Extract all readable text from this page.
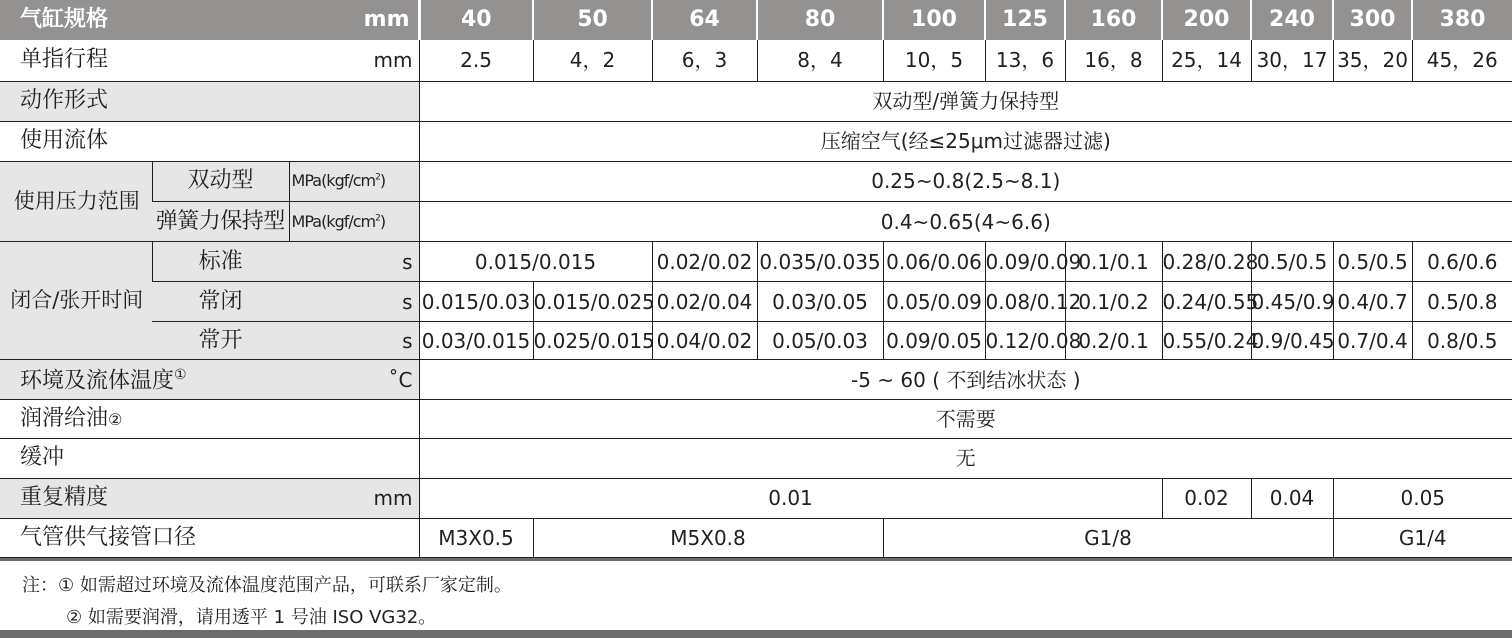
气缸规格		mm	40	50	64	80	100	125	160	200	240	300	380
单指行程		mm	2.5	4，2	6，3	8，4	10，5	13，6	16，8	25，14	30，17	35，20	45，26
动作形式			双动型/弹簧力保持型										
使用流体			压缩空气(经≤25μm过滤器过滤)										
使用压力范围	双动型	$MPa(kgf/cm^2)$	0.25~0.8(2.5~8.1)										
	弹簧力保持型	$MPa(kgf/cm^2)$	0.4~0.65(4~6.6)										
闭合/张开时间	标准	s	0.015/0.015		0.02/0.02	0.035/0.035	0.06/0.06	0.09/0.09	0.1/0.1	0.28/0.28	0.5/0.5	0.5/0.5	0.6/0.6
	常闭	s	0.015/0.03	0.015/0.025	0.02/0.04	0.03/0.05	0.05/0.09	0.08/0.12	0.1/0.2	0.24/0.55	0.45/0.9	0.4/0.7	0.5/0.8
	常开	s	0.03/0.015	0.025/0.015	0.04/0.02	0.05/0.03	0.09/0.05	0.12/0.08	0.2/0.1	0.55/0.24	0.9/0.45	0.7/0.4	0.8/0.5
环境及流体温度①		˚C	-5 ~ 60 ( 不到结冰状态 )										
润滑给油②			不需要										
缓冲			无										
重复精度		mm	0.01							0.02	0.04	0.05	
气管供气接管口径			M3X0.5	M5X0.8			G1/8					G1/4	
注：① 如需超过环境及流体温度范围产品，可联系厂家定制。
② 如需要润滑，请用透平 1 号油 ISO VG32。
